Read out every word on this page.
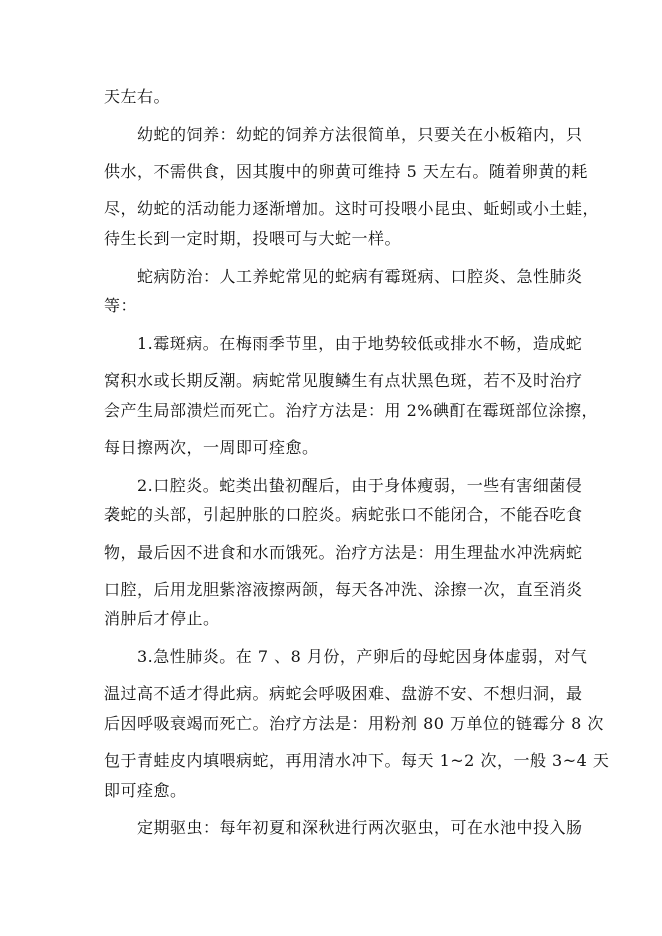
天左右。
幼蛇的饲养：幼蛇的饲养方法很简单，只要关在小板箱内，只
供水，不需供食，因其腹中的卵黄可维持 5 天左右。随着卵黄的耗
尽，幼蛇的活动能力逐渐增加。这时可投喂小昆虫、蚯蚓或小土蛙，
待生长到一定时期，投喂可与大蛇一样。
蛇病防治：人工养蛇常见的蛇病有霉斑病、口腔炎、急性肺炎
等：
1.霉斑病。在梅雨季节里，由于地势较低或排水不畅，造成蛇
窝积水或长期反潮。病蛇常见腹鳞生有点状黑色斑，若不及时治疗
会产生局部溃烂而死亡。治疗方法是：用 2%碘酊在霉斑部位涂擦，
每日擦两次，一周即可痊愈。
2.口腔炎。蛇类出蛰初醒后，由于身体瘦弱，一些有害细菌侵
袭蛇的头部，引起肿胀的口腔炎。病蛇张口不能闭合，不能吞吃食
物，最后因不进食和水而饿死。治疗方法是：用生理盐水冲洗病蛇
口腔，后用龙胆紫溶液擦两颌，每天各冲洗、涂擦一次，直至消炎
消肿后才停止。
3.急性肺炎。在 7 、8 月份，产卵后的母蛇因身体虚弱，对气
温过高不适才得此病。病蛇会呼吸困难、盘游不安、不想归洞，最
后因呼吸衰竭而死亡。治疗方法是：用粉剂 80 万单位的链霉分 8 次
包于青蛙皮内填喂病蛇，再用清水冲下。每天 1~2 次，一般 3~4 天
即可痊愈。
定期驱虫：每年初夏和深秋进行两次驱虫，可在水池中投入肠
